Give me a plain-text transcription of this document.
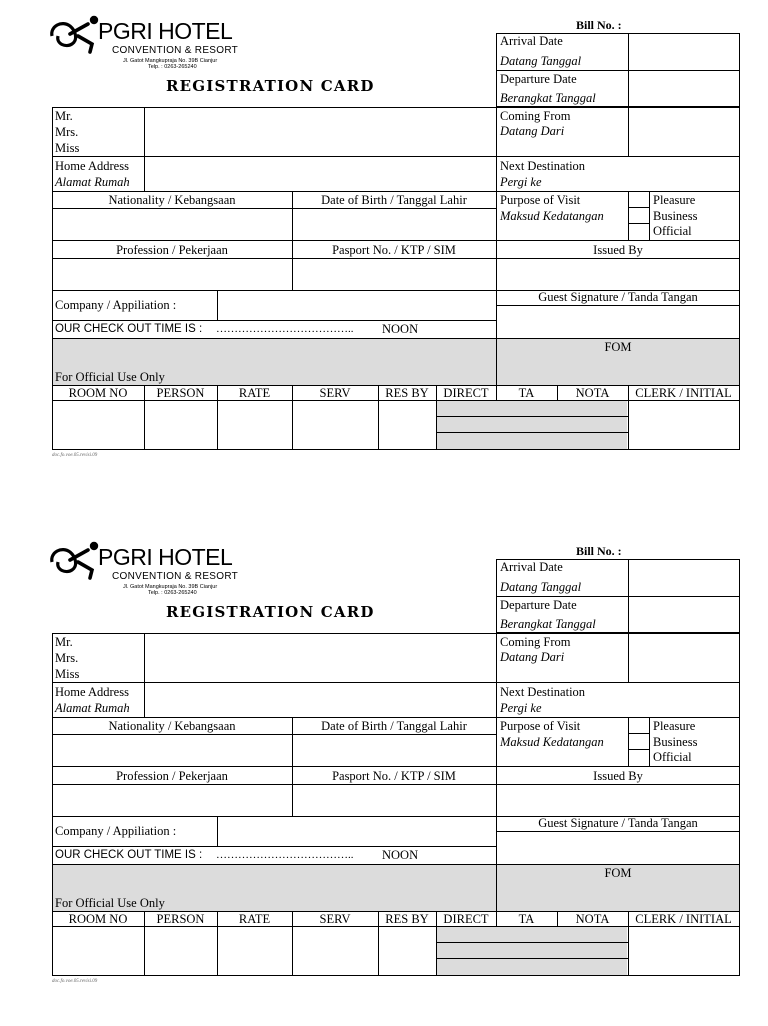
PGRI HOTEL
CONVENTION & RESORT
Jl. Gatot Mangkupraja No. 39B Cianjur
Telp. : 0263-265240
REGISTRATION CARD
Bill No. :
Arrival Date
Datang Tanggal
Departure Date
Berangkat Tanggal
Mr.
Mrs.
Miss
Coming From
Datang Dari
Home Address
Alamat Rumah
Next Destination
Pergi ke
Nationality / Kebangsaan	Date of Birth / Tanggal Lahir	Purpose of Visit
Maksud Kedatangan
Pleasure
Business
Official
Profession / Pekerjaan	Pasport No. / KTP / SIM	Issued By
Company / Appiliation :
Guest Signature / Tanda Tangan
OUR CHECK OUT TIME IS : ……………………………….. NOON
FOM
For Official Use Only
ROOM NO	PERSON	RATE	SERV	RES BY	DIRECT	TA	NOTA	CLERK / INITIAL
doc.fo.voe.05.revisi.09
PGRI HOTEL
CONVENTION & RESORT
Jl. Gatot Mangkupraja No. 39B Cianjur
Telp. : 0263-265240
REGISTRATION CARD
Bill No. :
Arrival Date
Datang Tanggal
Departure Date
Berangkat Tanggal
Mr.
Mrs.
Miss
Coming From
Datang Dari
Home Address
Alamat Rumah
Next Destination
Pergi ke
Nationality / Kebangsaan	Date of Birth / Tanggal Lahir	Purpose of Visit
Maksud Kedatangan
Pleasure
Business
Official
Profession / Pekerjaan	Pasport No. / KTP / SIM	Issued By
Company / Appiliation :
Guest Signature / Tanda Tangan
OUR CHECK OUT TIME IS : ……………………………….. NOON
FOM
For Official Use Only
ROOM NO	PERSON	RATE	SERV	RES BY	DIRECT	TA	NOTA	CLERK / INITIAL
doc.fo.voe.05.revisi.09
